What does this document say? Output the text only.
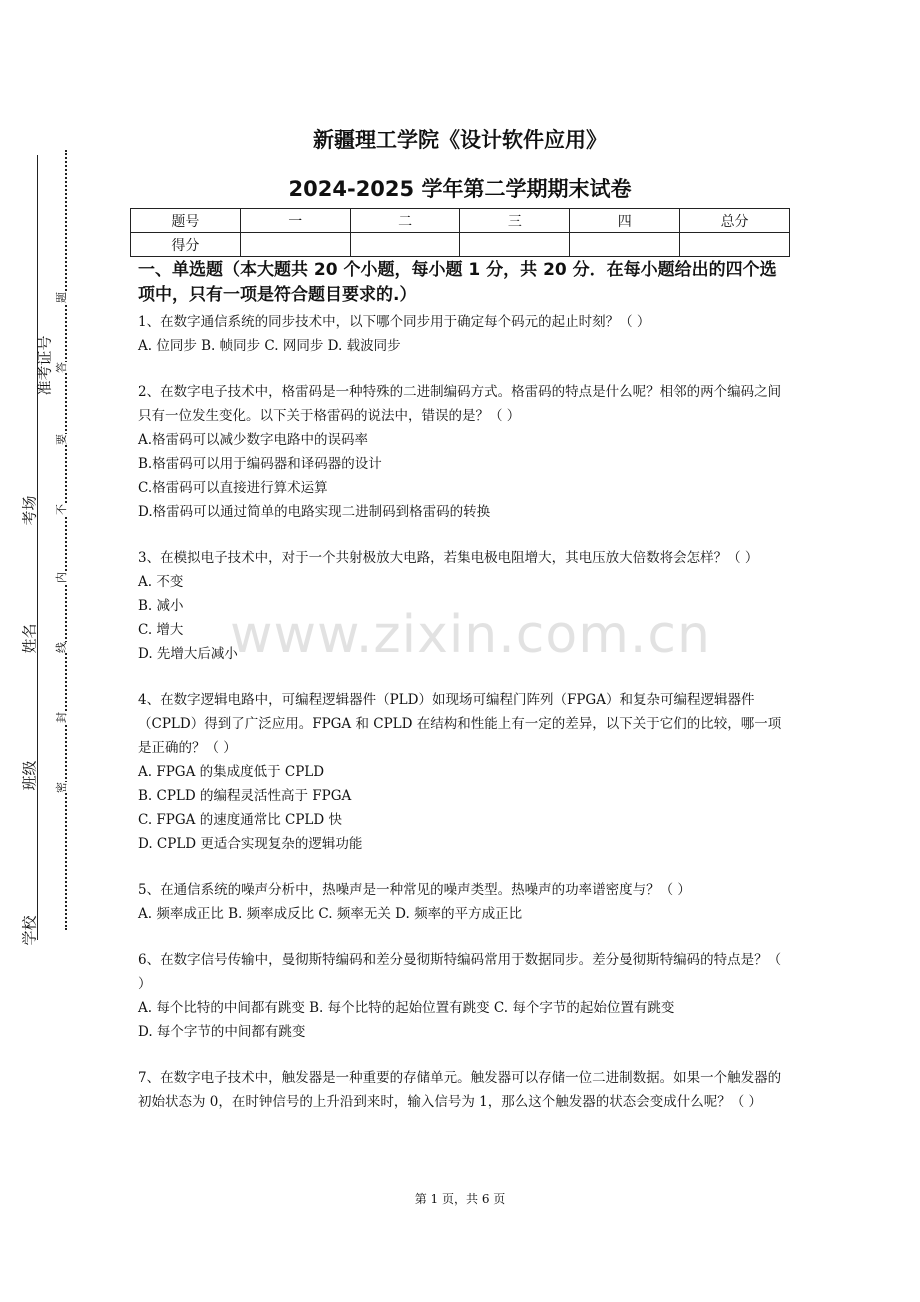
准考证号
考场
姓名
班级
学校
题
答
要
不
内
线
封
密
新疆理工学院《设计软件应用》
2024-2025 学年第二学期期末试卷
题号	一	二	三	四	总分
得分					
一、单选题（本大题共 20 个小题，每小题 1 分，共 20 分．在每小题给出的四个选项中，只有一项是符合题目要求的.）
1、在数字通信系统的同步技术中，以下哪个同步用于确定每个码元的起止时刻？（ ）
A. 位同步 B. 帧同步 C. 网同步 D. 载波同步
2、在数字电子技术中，格雷码是一种特殊的二进制编码方式。格雷码的特点是什么呢？相邻的两个编码之间只有一位发生变化。以下关于格雷码的说法中，错误的是？（ ）
A.格雷码可以减少数字电路中的误码率
B.格雷码可以用于编码器和译码器的设计
C.格雷码可以直接进行算术运算
D.格雷码可以通过简单的电路实现二进制码到格雷码的转换
3、在模拟电子技术中，对于一个共射极放大电路，若集电极电阻增大，其电压放大倍数将会怎样？（ ）
A. 不变
B. 减小
C. 增大
D. 先增大后减小
4、在数字逻辑电路中，可编程逻辑器件（PLD）如现场可编程门阵列（FPGA）和复杂可编程逻辑器件（CPLD）得到了广泛应用。FPGA 和 CPLD 在结构和性能上有一定的差异，以下关于它们的比较，哪一项是正确的？（ ）
A. FPGA 的集成度低于 CPLD
B. CPLD 的编程灵活性高于 FPGA
C. FPGA 的速度通常比 CPLD 快
D. CPLD 更适合实现复杂的逻辑功能
5、在通信系统的噪声分析中，热噪声是一种常见的噪声类型。热噪声的功率谱密度与？（ ）
A. 频率成正比 B. 频率成反比 C. 频率无关 D. 频率的平方成正比
6、在数字信号传输中，曼彻斯特编码和差分曼彻斯特编码常用于数据同步。差分曼彻斯特编码的特点是？（ ）
A. 每个比特的中间都有跳变 B. 每个比特的起始位置有跳变 C. 每个字节的起始位置有跳变
D. 每个字节的中间都有跳变
7、在数字电子技术中，触发器是一种重要的存储单元。触发器可以存储一位二进制数据。如果一个触发器的初始状态为 0，在时钟信号的上升沿到来时，输入信号为 1，那么这个触发器的状态会变成什么呢？（ ）
www.zixin.com.cn
第 1 页，共 6 页
